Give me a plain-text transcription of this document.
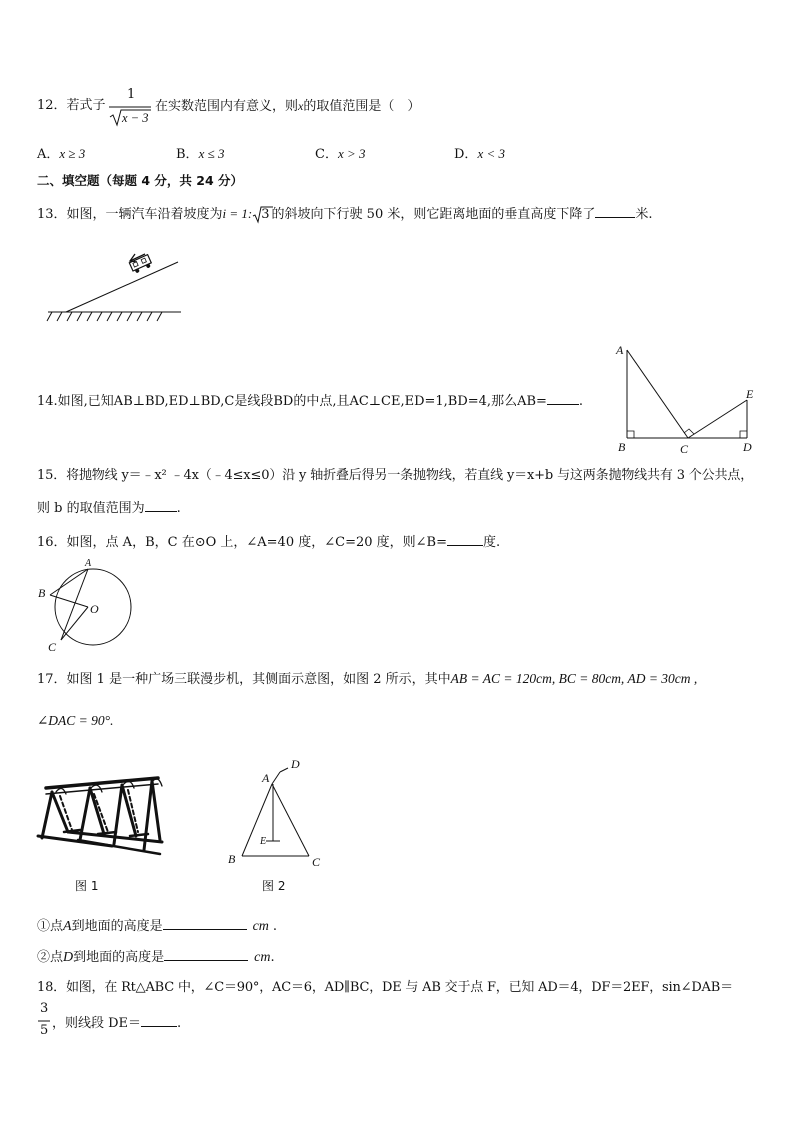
12．若式子
1
x − 3
在实数范围内有意义，则x的取值范围是（　）
A．x ≥ 3	B．x ≤ 3	C．x > 3	D．x < 3
二、填空题（每题 4 分，共 24 分）
13．如图，一辆汽车沿着坡度为i = 1: 3 的斜坡向下行驶 50 米，则它距离地面的垂直高度下降了	米.
14.如图,已知AB⊥BD,ED⊥BD,C是线段BD的中点,且AC⊥CE,ED=1,BD=4,那么AB= .
A
B	C	D
E
15．将抛物线 y＝﹣x² ﹣4x（﹣4≤x≤0）沿 y 轴折叠后得另一条抛物线，若直线 y＝x+b 与这两条抛物线共有 3 个公共点，
则 b 的取值范围为 .
16．如图，点 A，B，C 在⊙O 上，∠A=40 度，∠C=20 度，则∠B=	度.
A
B
O
C
17．如图 1 是一种广场三联漫步机，其侧面示意图，如图 2 所示，其中AB = AC = 120cm, BC = 80cm, AD = 30cm ,
∠DAC = 90°.
图 1
A
D
E
B	C
图 2
①点A到地面的高度是	cm .
②点D到地面的高度是	cm.
18．如图，在 Rt△ABC 中，∠C＝90°，AC＝6，AD∥BC，DE 与 AB 交于点 F，已知 AD＝4，DF＝2EF，sin∠DAB＝
3
5 ，则线段 DE＝	.
